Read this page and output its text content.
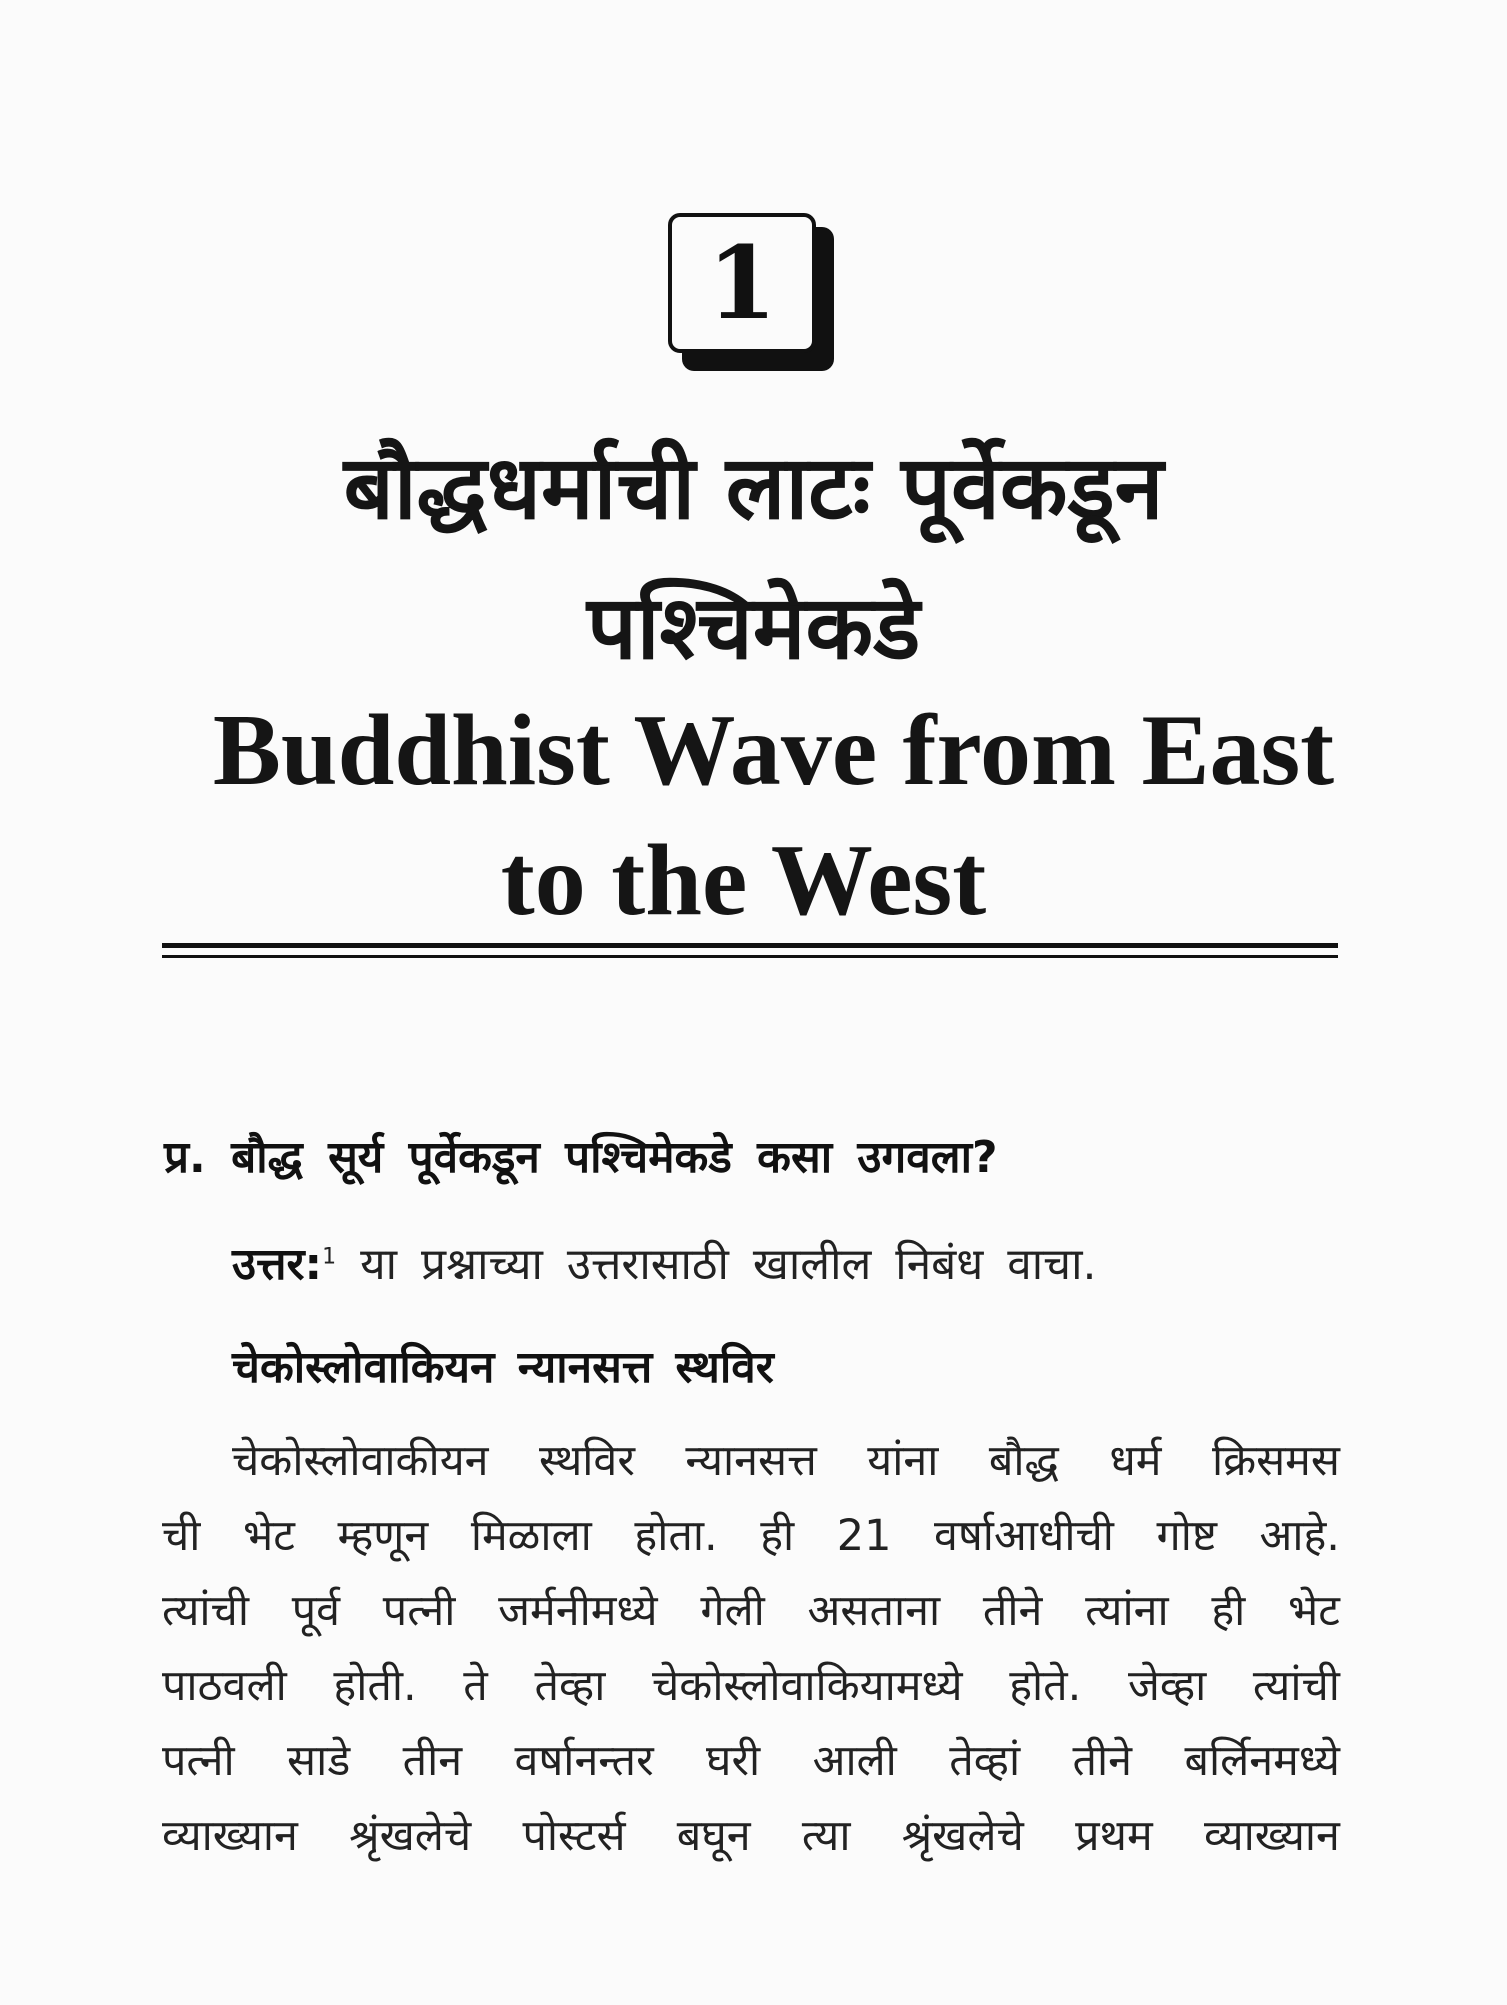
1
बौद्धधर्माची लाटः पूर्वेकडून
पश्चिमेकडे
Buddhist Wave from East
to the West
प्र. बौद्ध सूर्य पूर्वेकडून पश्चिमेकडे कसा उगवला?
उत्तर:$^1$ या प्रश्नाच्या उत्तरासाठी खालील निबंध वाचा.
चेकोस्लोवाकियन न्यानसत्त स्थविर
चेकोस्लोवाकीयन स्थविर न्यानसत्त यांना बौद्ध धर्म क्रिसमस
ची भेट म्हणून मिळाला होता. ही 21 वर्षाआधीची गोष्ट आहे.
त्यांची पूर्व पत्नी जर्मनीमध्ये गेली असताना तीने त्यांना ही भेट
पाठवली होती. ते तेव्हा चेकोस्लोवाकियामध्ये होते. जेव्हा त्यांची
पत्नी साडे तीन वर्षानन्तर घरी आली तेव्हां तीने बर्लिनमध्ये
व्याख्यान श्रृंखलेचे पोस्टर्स बघून त्या श्रृंखलेचे प्रथम व्याख्यान
